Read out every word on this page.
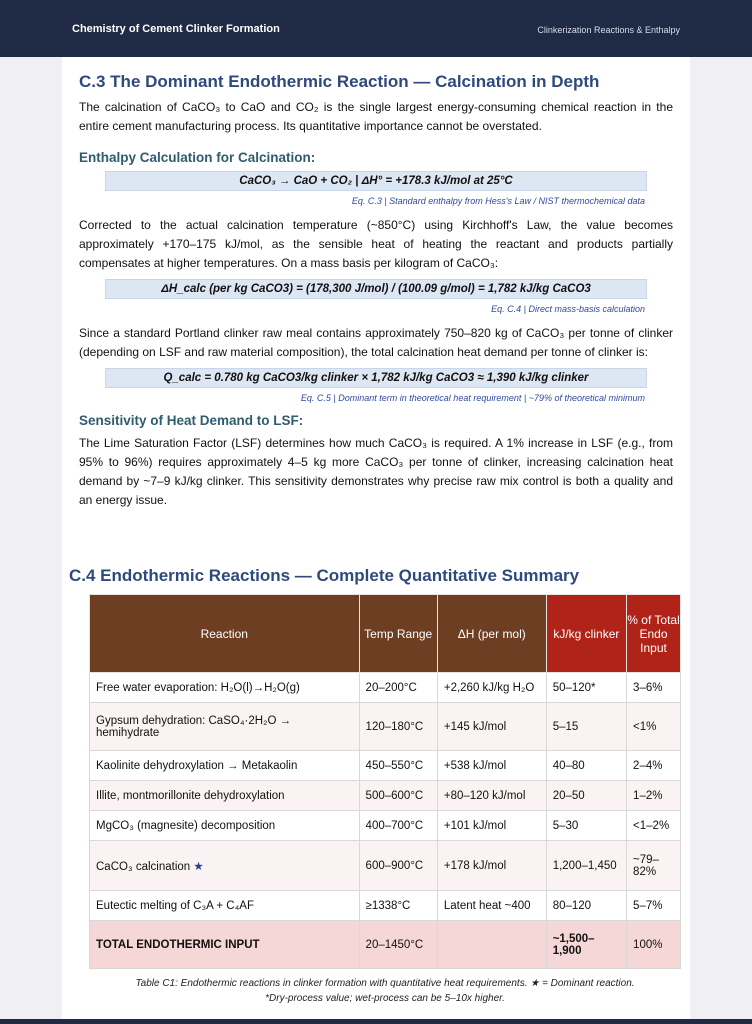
Chemistry of Cement Clinker Formation	Clinkerization Reactions & Enthalpy
C.3 The Dominant Endothermic Reaction — Calcination in Depth

The calcination of CaCO₃ to CaO and CO₂ is the single largest energy-consuming chemical reaction in the entire cement manufacturing process. Its quantitative importance cannot be overstated.

Enthalpy Calculation for Calcination:
CaCO₃ → CaO + CO₂ | ΔH° = +178.3 kJ/mol at 25°C
Eq. C.3 | Standard enthalpy from Hess's Law / NIST thermochemical data

Corrected to the actual calcination temperature (~850°C) using Kirchhoff's Law, the value becomes approximately +170–175 kJ/mol, as the sensible heat of heating the reactant and products partially compensates at higher temperatures. On a mass basis per kilogram of CaCO₃:

ΔH_calc (per kg CaCO3) = (178,300 J/mol) / (100.09 g/mol) = 1,782 kJ/kg CaCO3
Eq. C.4 | Direct mass-basis calculation

Since a standard Portland clinker raw meal contains approximately 750–820 kg of CaCO₃ per tonne of clinker (depending on LSF and raw material composition), the total calcination heat demand per tonne of clinker is:

Q_calc = 0.780 kg CaCO3/kg clinker × 1,782 kJ/kg CaCO3 ≈ 1,390 kJ/kg clinker
Eq. C.5 | Dominant term in theoretical heat requirement | ~79% of theoretical minimum
Sensitivity of Heat Demand to LSF:

The Lime Saturation Factor (LSF) determines how much CaCO₃ is required. A 1% increase in LSF (e.g., from 95% to 96%) requires approximately 4–5 kg more CaCO₃ per tonne of clinker, increasing calcination heat demand by ~7–9 kJ/kg clinker. This sensitivity demonstrates why precise raw mix control is both a quality and an energy issue.

C.4 Endothermic Reactions — Complete Quantitative Summary
Reaction	Temp Range	ΔH (per mol)	kJ/kg clinker	% of Total Endo Input
Free water evaporation: H₂O(l)→H₂O(g)	20–200°C	+2,260 kJ/kg H₂O	50–120*	3–6%
Gypsum dehydration: CaSO₄·2H₂O → hemihydrate	120–180°C	+145 kJ/mol	5–15	<1%
Kaolinite dehydroxylation → Metakaolin	450–550°C	+538 kJ/mol	40–80	2–4%
Illite, montmorillonite dehydroxylation	500–600°C	+80–120 kJ/mol	20–50	1–2%
MgCO₃ (magnesite) decomposition	400–700°C	+101 kJ/mol	5–30	<1–2%
CaCO₃ calcination ★	600–900°C	+178 kJ/mol	1,200–1,450	~79–82%
Eutectic melting of C₃A + C₄AF	≥1338°C	Latent heat ~400	80–120	5–7%
TOTAL ENDOTHERMIC INPUT	20–1450°C		~1,500–1,900	100%
Table C1: Endothermic reactions in clinker formation with quantitative heat requirements. ★ = Dominant reaction.
*Dry-process value; wet-process can be 5–10x higher.
